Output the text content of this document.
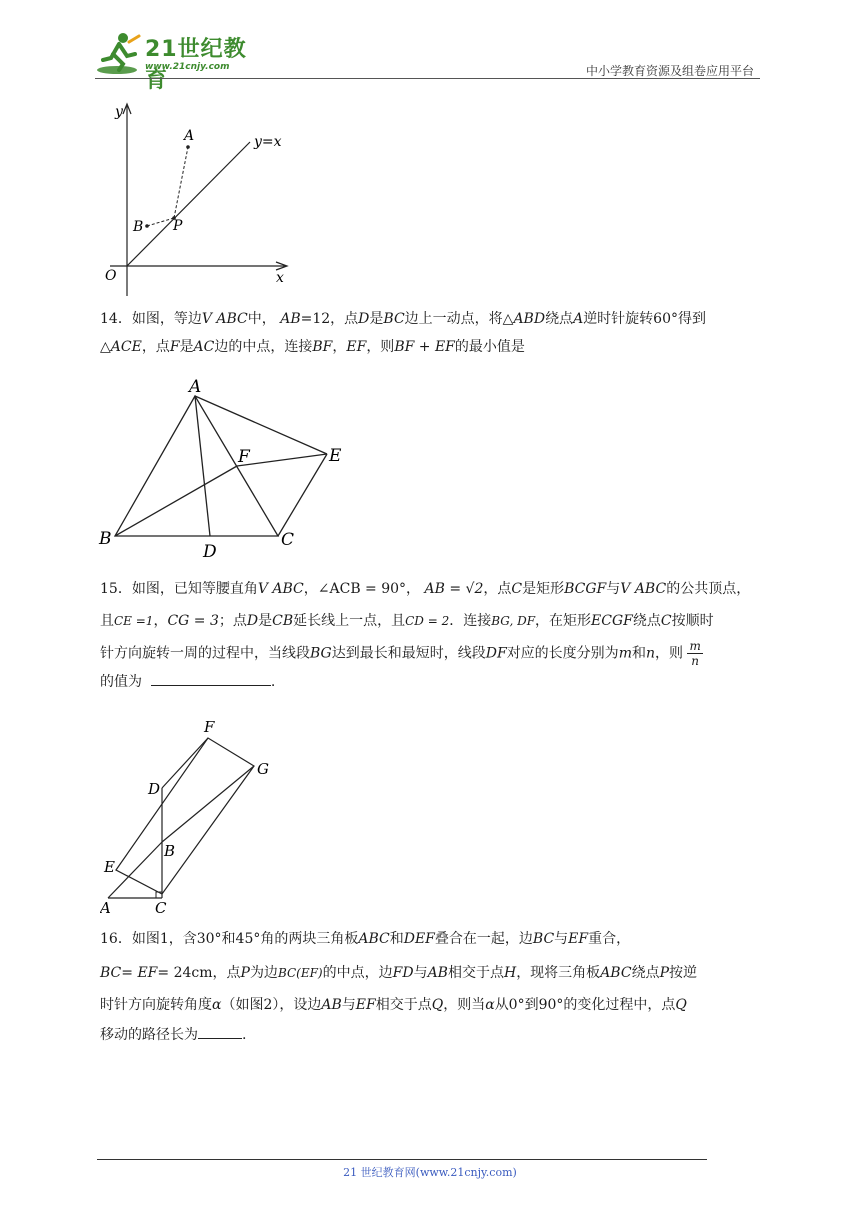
21世纪教育
www.21cnjy.com	中小学教育资源及组卷应用平台
y
x
O
A
B P
y=x
14．如图，等边V ABC中， AB=12，点D是BC边上一动点，将△ABD绕点A逆时针旋转60°得到
△ACE，点F是AC边的中点，连接BF，EF，则BF + EF的最小值是
A
B	C
D
E
F
15．如图，已知等腰直角V ABC，∠ACB = 90°， AB = √2，点C是矩形BCGF与V ABC的公共顶点，
且CE =1，CG = 3；点D是CB延长线上一点，且CD = 2．连接BG, DF，在矩形ECGF绕点C按顺时
针方向旋转一周的过程中，当线段BG达到最长和最短时，线段DF对应的长度分别为m和n，则 $\frac{m}{n}$
的值为	.
A
B
C
D
E
F
G
16．如图1，含30°和45°角的两块三角板ABC和DEF叠合在一起，边BC与EF重合，
BC= EF= 24cm，点P为边BC(EF)的中点，边FD与AB相交于点H，现将三角板ABC绕点P按逆
时针方向旋转角度α（如图2），设边AB与EF相交于点Q，则当α从0°到90°的变化过程中，点Q
移动的路径长为	.
21 世纪教育网(www.21cnjy.com)
